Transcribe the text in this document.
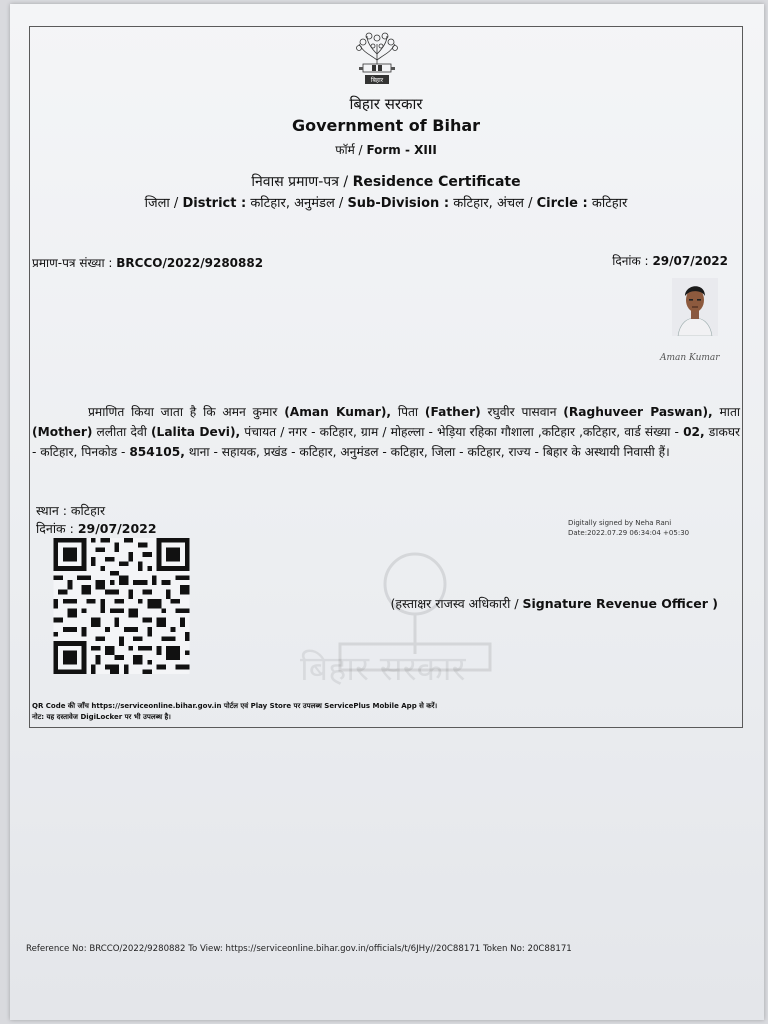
बिहार
बिहार सरकार
Government of Bihar
फॉर्म / Form - XIII
निवास प्रमाण-पत्र / Residence Certificate
जिला / District : कटिहार, अनुमंडल / Sub-Division : कटिहार, अंचल / Circle : कटिहार
प्रमाण-पत्र संख्या : BRCCO/2022/9280882	दिनांक : 29/07/2022
Aman Kumar
प्रमाणित किया जाता है कि अमन कुमार (Aman Kumar), पिता (Father) रघुवीर पासवान (Raghuveer Paswan), माता (Mother) ललीता देवी (Lalita Devi), पंचायत / नगर - कटिहार, ग्राम / मोहल्ला - भेड़िया रहिका गौशाला ,कटिहार ,कटिहार, वार्ड संख्या - 02, डाकघर - कटिहार, पिनकोड - 854105, थाना - सहायक, प्रखंड - कटिहार, अनुमंडल - कटिहार, जिला - कटिहार, राज्य - बिहार के अस्थायी निवासी हैं।
स्थान : कटिहार
दिनांक : 29/07/2022	Digitally signed by Neha Rani
Date:2022.07.29 06:34:04 +05:30
बिहार सरकार
(हस्ताक्षर राजस्व अधिकारी / Signature Revenue Officer )
QR Code की जाँच https://serviceonline.bihar.gov.in पोर्टल एवं Play Store पर उपलब्ध ServicePlus Mobile App से करें।
नोट: यह दस्तावेज DigiLocker पर भी उपलब्ध है।
Reference No: BRCCO/2022/9280882 To View: https://serviceonline.bihar.gov.in/officials/t/6JHy//20C88171 Token No: 20C88171
